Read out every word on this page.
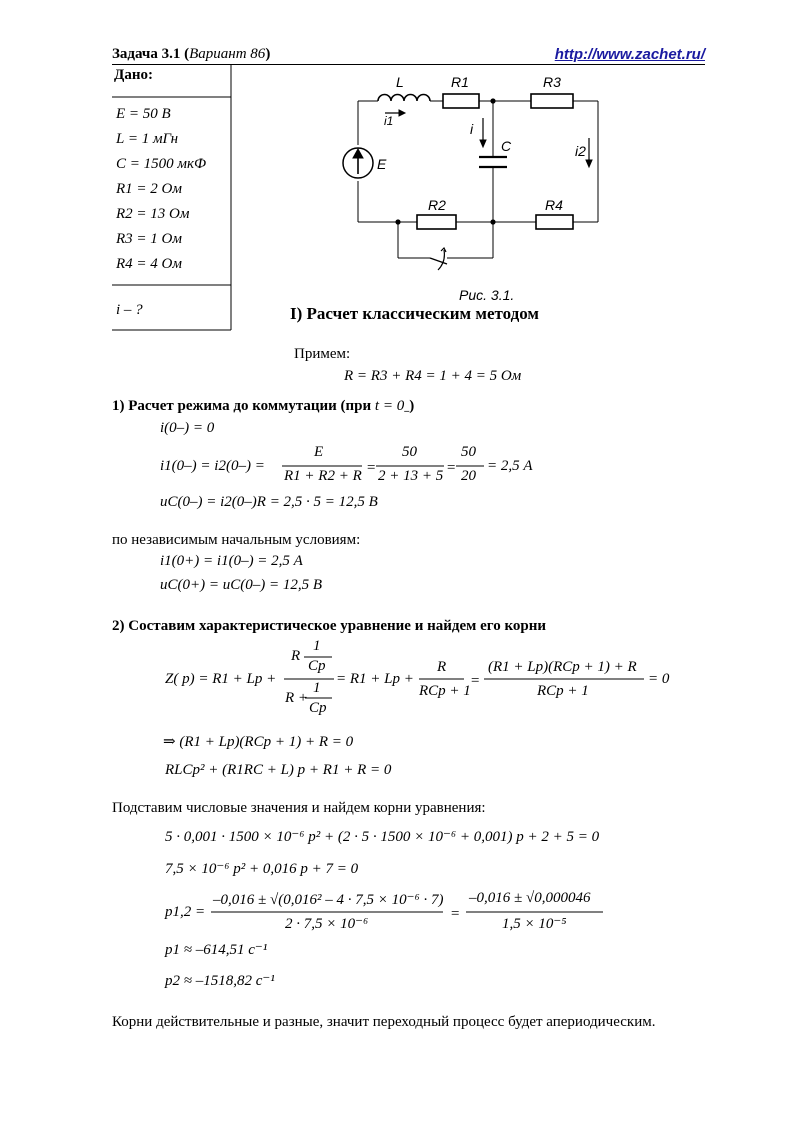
Задача 3.1 (Вариант 86)	http://www.zachet.ru/
Дано:
E = 50 В
L = 1 мГн
C = 1500 мкФ
R1 = 2 Ом
R2 = 13 Ом
R3 = 1 Ом
R4 = 4 Ом
i – ?
L	R1	R3
i1	i
C	i2
E
R2	R4
Рис. 3.1.
I) Расчет классическим методом
Примем:
R = R3 + R4 = 1 + 4 = 5 Ом
1) Расчет режима до коммутации (при $t = 0_-$)
i(0–) = 0
i1(0–) = i2(0–) =	=	=
E
R1 + R2 + R
50
2 + 13 + 5
50
20
= 2,5 А
uC(0–) = i2(0–)R = 2,5 · 5 = 12,5 В
по независимым начальным условиям:
i1(0+) = i1(0–) = 2,5 А
uC(0+) = uC(0–) = 12,5 В
2) Составим характеристическое уравнение и найдем его корни
Z( p) = R1 + Lp +	=
R
1
Cp
R +
1
Cp
= R1 + Lp +
R
RCp + 1
(R1 + Lp)(RCp + 1) + R
RCp + 1
= 0
⇒ (R1 + Lp)(RCp + 1) + R = 0
RLCp² + (R1RC + L) p + R1 + R = 0
Подставим числовые значения и найдем корни уравнения:
5 · 0,001 · 1500 × 10⁻⁶ p² + (2 · 5 · 1500 × 10⁻⁶ + 0,001) p + 2 + 5 = 0
7,5 × 10⁻⁶ p² + 0,016 p + 7 = 0
p1,2 =	=
–0,016 ± √(0,016² – 4 · 7,5 × 10⁻⁶ · 7)
2 · 7,5 × 10⁻⁶
–0,016 ± √0,000046
1,5 × 10⁻⁵
p1 ≈ –614,51 с⁻¹
p2 ≈ –1518,82 с⁻¹
Корни действительные и разные, значит переходный процесс будет апериодическим.
